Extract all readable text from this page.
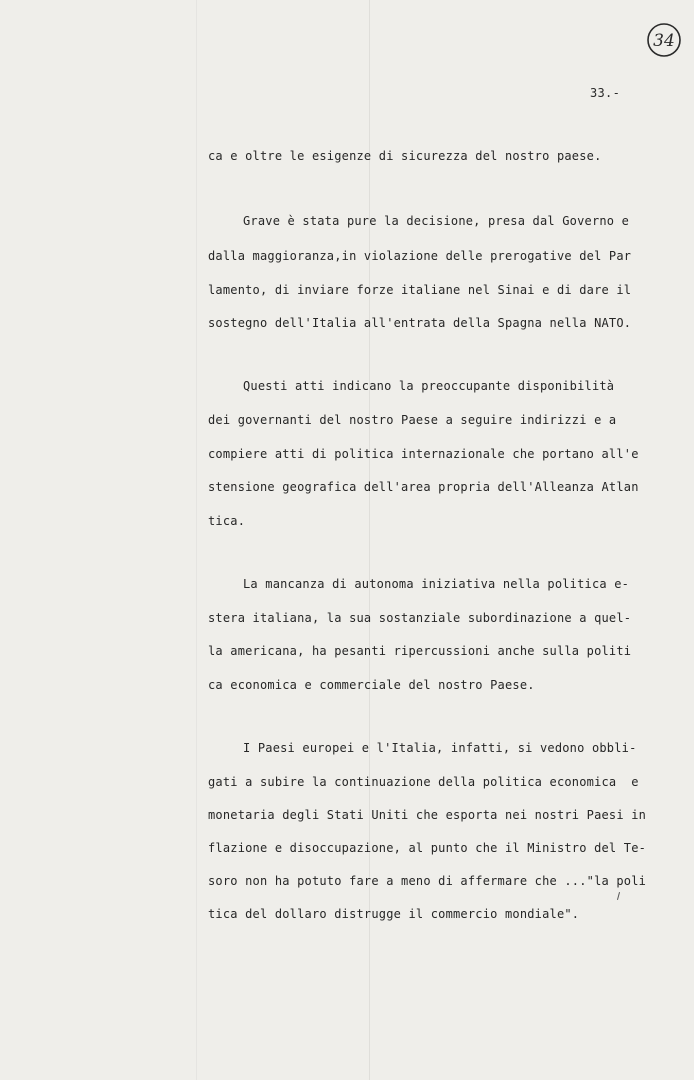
34
33.-
ca e oltre le esigenze di sicurezza del nostro paese.
Grave è stata pure la decisione, presa dal Governo e
dalla maggioranza,in violazione delle prerogative del Par
lamento, di inviare forze italiane nel Sinai e di dare il
sostegno dell'Italia all'entrata della Spagna nella NATO.
Questi atti indicano la preoccupante disponibilità
dei governanti del nostro Paese a seguire indirizzi e a
compiere atti di politica internazionale che portano all'e
stensione geografica dell'area propria dell'Alleanza Atlan
tica.
La mancanza di autonoma iniziativa nella politica e-
stera italiana, la sua sostanziale subordinazione a quel-
la americana, ha pesanti ripercussioni anche sulla politi
ca economica e commerciale del nostro Paese.
I Paesi europei e l'Italia, infatti, si vedono obbli-
gati a subire la continuazione della politica economica  e
monetaria degli Stati Uniti che esporta nei nostri Paesi in
flazione e disoccupazione, al punto che il Ministro del Te-
soro non ha potuto fare a meno di affermare che ..."la poli
tica del dollaro distrugge il commercio mondiale".
